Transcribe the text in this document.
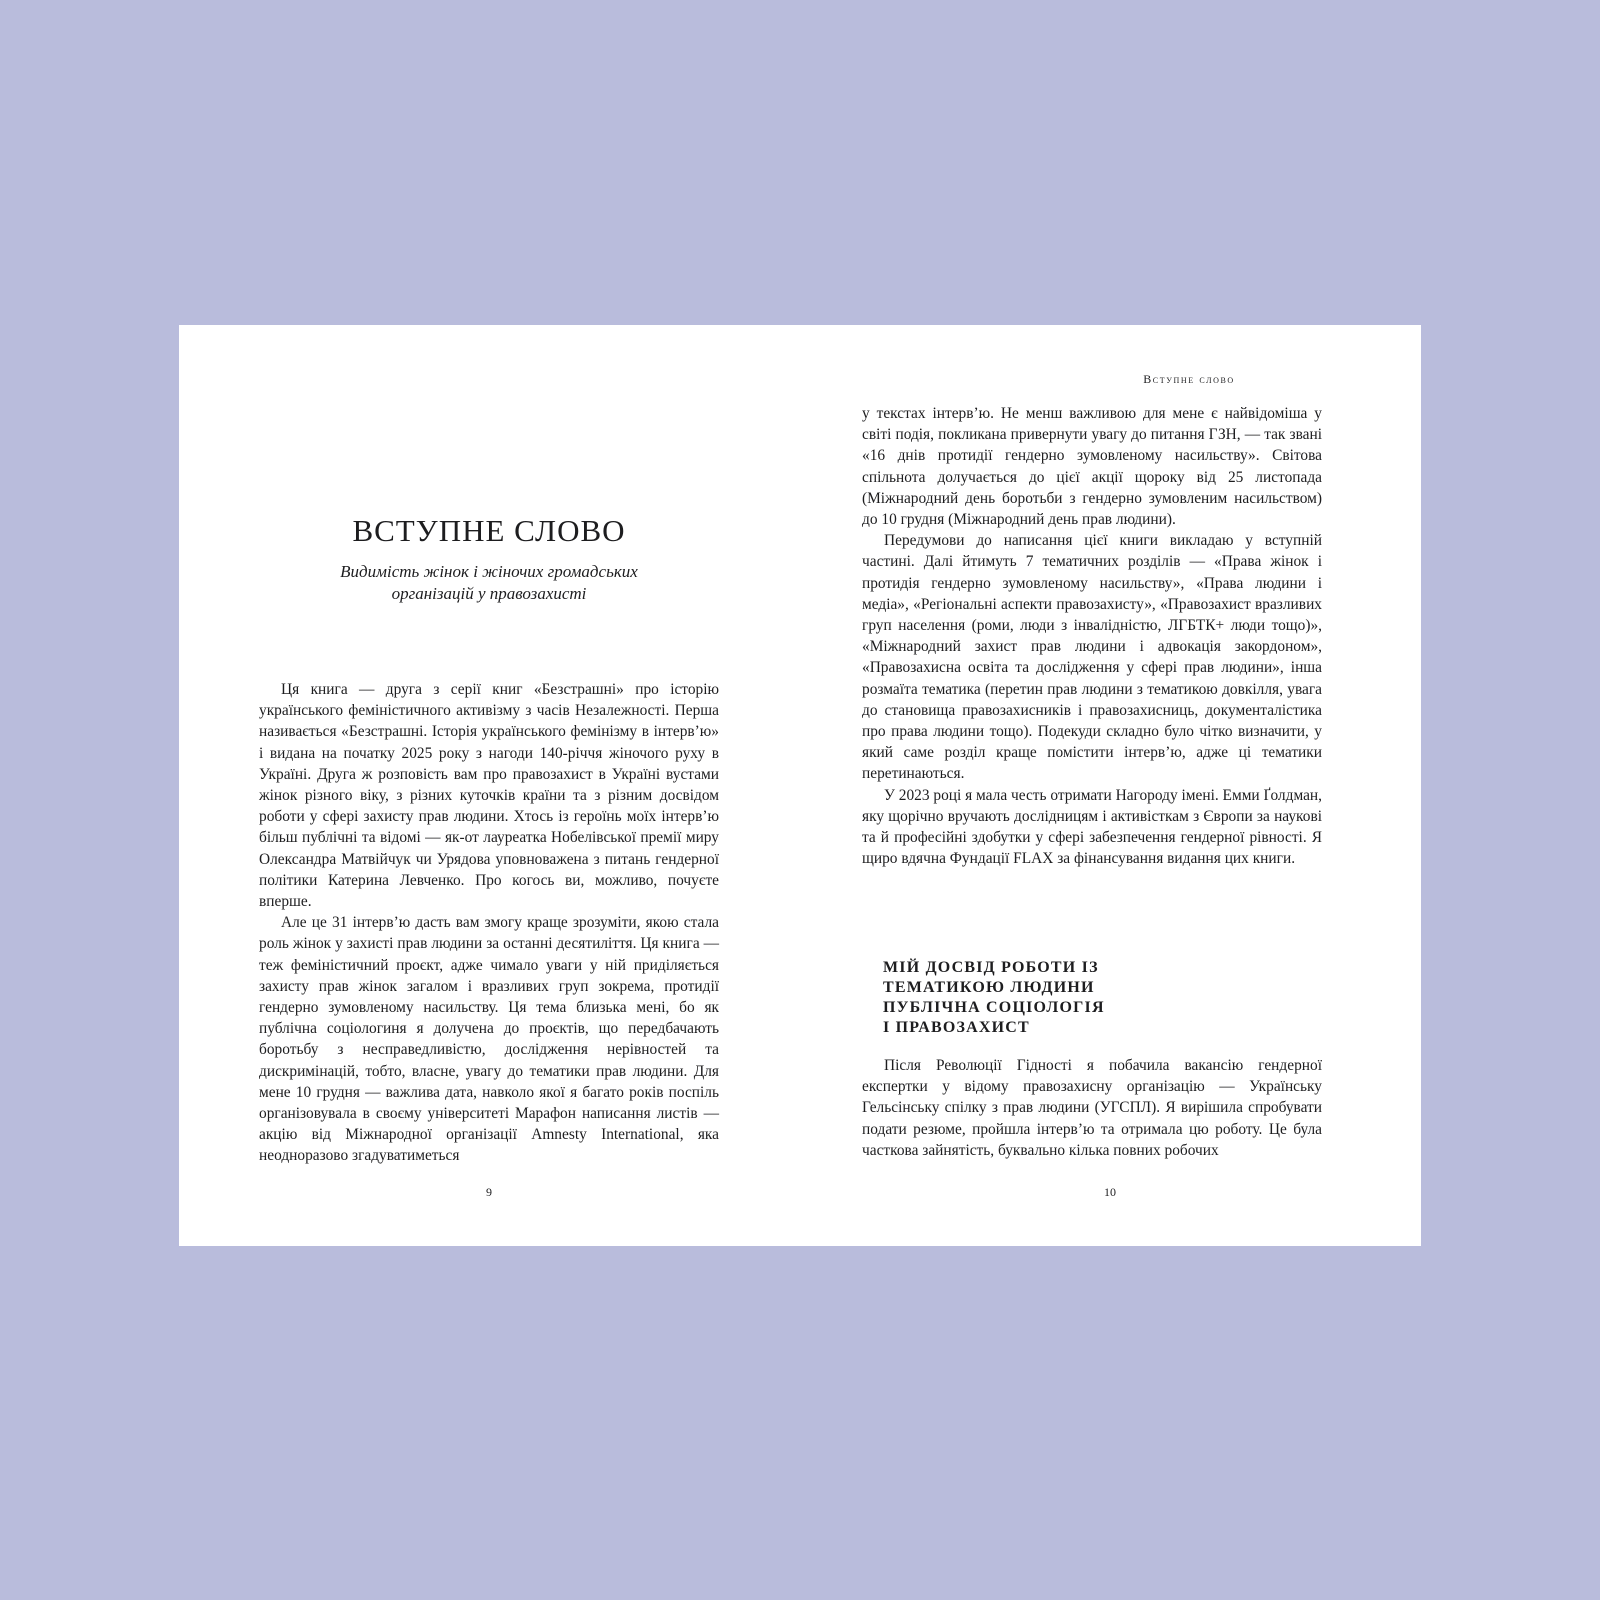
ВСТУПНЕ СЛОВО
Видимість жінок і жіночих громадських
організацій у правозахисті

Ця книга — друга з серії книг «Безстрашні» про історію українського феміністичного активізму з часів Незалежності. Перша називається «Безстрашні. Історія українського фемінізму в інтерв’ю» і видана на початку 2025 року з нагоди 140-річчя жіночого руху в Україні. Друга ж розповість вам про правозахист в Україні вустами жінок різного віку, з різних куточків країни та з різним досвідом роботи у сфері захисту прав людини. Хтось із героїнь моїх інтерв’ю більш публічні та відомі — як-от лауреатка Нобелівської премії миру Олександра Матвійчук чи Урядова уповноважена з питань гендерної політики Катерина Левченко. Про когось ви, можливо, почуєте вперше.

Але це 31 інтерв’ю дасть вам змогу краще зрозуміти, якою стала роль жінок у захисті прав людини за останні десятиліття. Ця книга — теж феміністичний проєкт, адже чимало уваги у ній приділяється захисту прав жінок загалом і вразливих груп зокрема, протидії гендерно зумовленому насильству. Ця тема близька мені, бо як публічна соціологиня я долучена до проєктів, що передбачають боротьбу з несправедливістю, дослідження нерівностей та дискримінацій, тобто, власне, увагу до тематики прав людини. Для мене 10 грудня — важлива дата, навколо якої я багато років поспіль організовувала в своєму університеті Марафон написання листів — акцію від Міжнародної організації Amnesty International, яка неодноразово згадуватиметься

9
Вступне слово

у текстах інтерв’ю. Не менш важливою для мене є найвідоміша у світі подія, покликана привернути увагу до питання ГЗН, — так звані «16 днів протидії гендерно зумовленому насильству». Світова спільнота долучається до цієї акції щороку від 25 листопада (Міжнародний день боротьби з гендерно зумовленим насильством) до 10 грудня (Міжнародний день прав людини).

Передумови до написання цієї книги викладаю у вступній частині. Далі йтимуть 7 тематичних розділів — «Права жінок і протидія гендерно зумовленому насильству», «Права людини і медіа», «Регіональні аспекти правозахисту», «Правозахист вразливих груп населення (роми, люди з інвалідністю, ЛГБТК+ люди тощо)», «Міжнародний захист прав людини і адвокація закордоном», «Правозахисна освіта та дослідження у сфері прав людини», інша розмаїта тематика (перетин прав людини з тематикою довкілля, увага до становища правозахисників і правозахисниць, документалістика про права людини тощо). Подекуди складно було чітко визначити, у який саме розділ краще помістити інтерв’ю, адже ці тематики перетинаються.

У 2023 році я мала честь отримати Нагороду імені. Емми Ґолдман, яку щорічно вручають дослідницям і активісткам з Європи за наукові та й професійні здобутки у сфері забезпечення гендерної рівності. Я щиро вдячна Фундації FLAX за фінансування видання цих книги.

МІЙ ДОСВІД РОБОТИ ІЗ
ТЕМАТИКОЮ ЛЮДИНИ
ПУБЛІЧНА СОЦІОЛОГІЯ
І ПРАВОЗАХИСТ

Після Революції Гідності я побачила вакансію гендерної експертки у відому правозахисну організацію — Українську Гельсінську спілку з прав людини (УГСПЛ). Я вирішила спробувати подати резюме, пройшла інтерв’ю та отримала цю роботу. Це була часткова зайнятість, буквально кілька повних робочих

10
